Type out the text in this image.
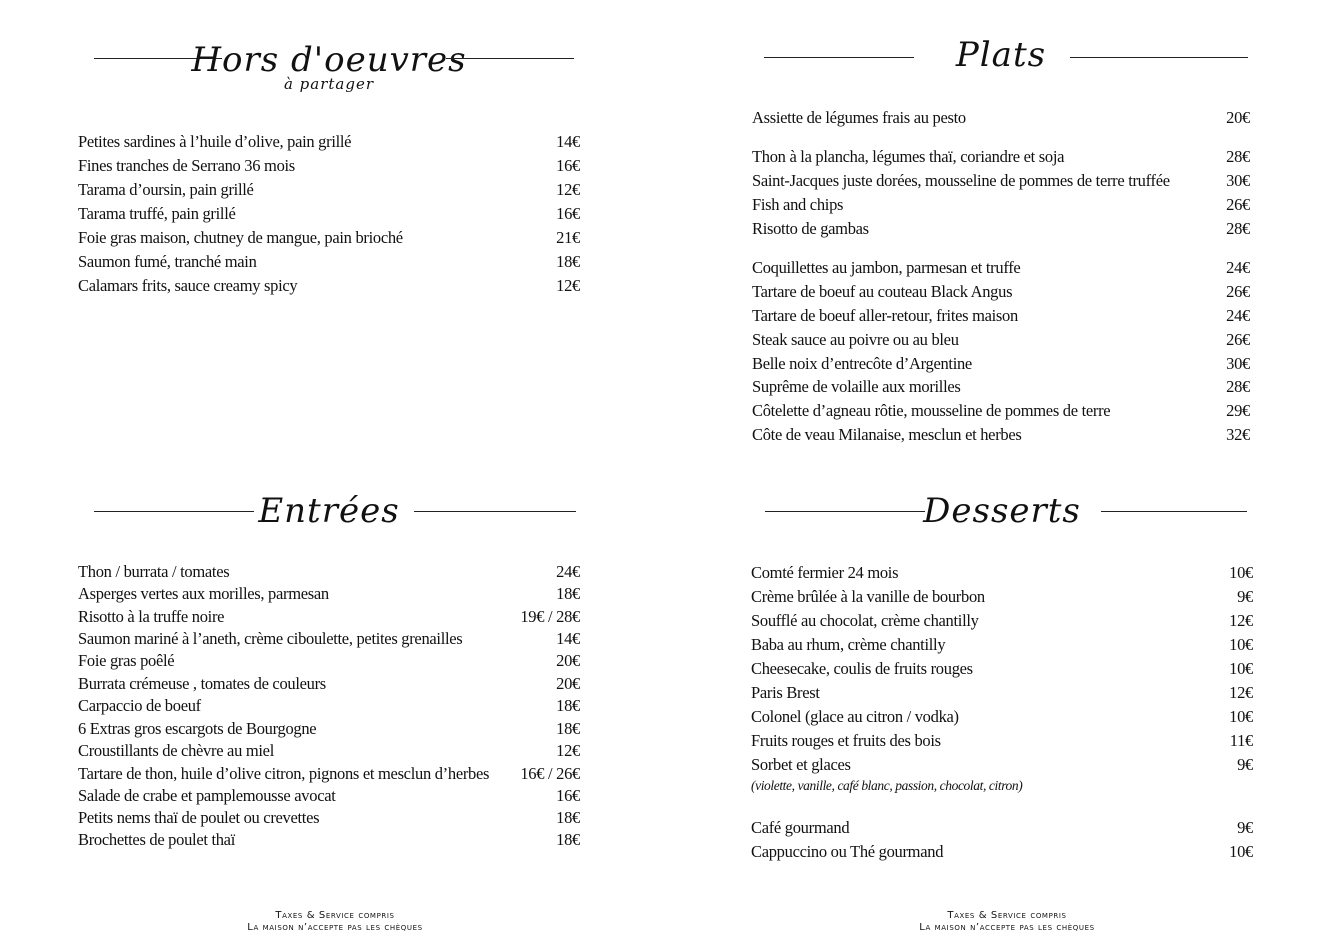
Hors d'oeuvres
à partager
Petites sardines à l’huile d’olive, pain grillé	14€
Fines tranches de Serrano 36 mois	16€
Tarama d’oursin, pain grillé	12€
Tarama truffé, pain grillé	16€
Foie gras maison, chutney de mangue, pain brioché	21€
Saumon fumé, tranché main	18€
Calamars frits, sauce creamy spicy	12€
Plats
Assiette de légumes frais au pesto	20€
Thon à la plancha, légumes thaï, coriandre et soja	28€
Saint-Jacques juste dorées, mousseline de pommes de terre truffée	30€
Fish and chips	26€
Risotto de gambas	28€
Coquillettes au jambon, parmesan et truffe	24€
Tartare de boeuf au couteau Black Angus	26€
Tartare de boeuf aller-retour, frites maison	24€
Steak sauce au poivre ou au bleu	26€
Belle noix d’entrecôte d’Argentine	30€
Suprême de volaille aux morilles	28€
Côtelette d’agneau rôtie, mousseline de pommes de terre	29€
Côte de veau Milanaise, mesclun et herbes	32€
Entrées
Thon / burrata / tomates	24€
Asperges vertes aux morilles, parmesan	18€
Risotto à la truffe noire	19€ / 28€
Saumon mariné à l’aneth, crème ciboulette, petites grenailles	14€
Foie gras poêlé	20€
Burrata crémeuse , tomates de couleurs	20€
Carpaccio de boeuf	18€
6 Extras gros escargots de Bourgogne	18€
Croustillants de chèvre au miel	12€
Tartare de thon, huile d’olive citron, pignons et mesclun d’herbes 16€ / 26€
Salade de crabe et pamplemousse avocat	16€
Petits nems thaï de poulet ou crevettes	18€
Brochettes de poulet thaï	18€
Desserts
Comté fermier 24 mois	10€
Crème brûlée à la vanille de bourbon	9€
Soufflé au chocolat, crème chantilly	12€
Baba au rhum, crème chantilly	10€
Cheesecake, coulis de fruits rouges	10€
Paris Brest	12€
Colonel (glace au citron / vodka)	10€
Fruits rouges et fruits des bois	11€
Sorbet et glaces	9€
(violette, vanille, café blanc, passion, chocolat, citron)
Café gourmand	9€
Cappuccino ou Thé gourmand	10€
Taxes & Service compris
La maison n’accepte pas les chèques
Taxes & Service compris
La maison n’accepte pas les chèques
